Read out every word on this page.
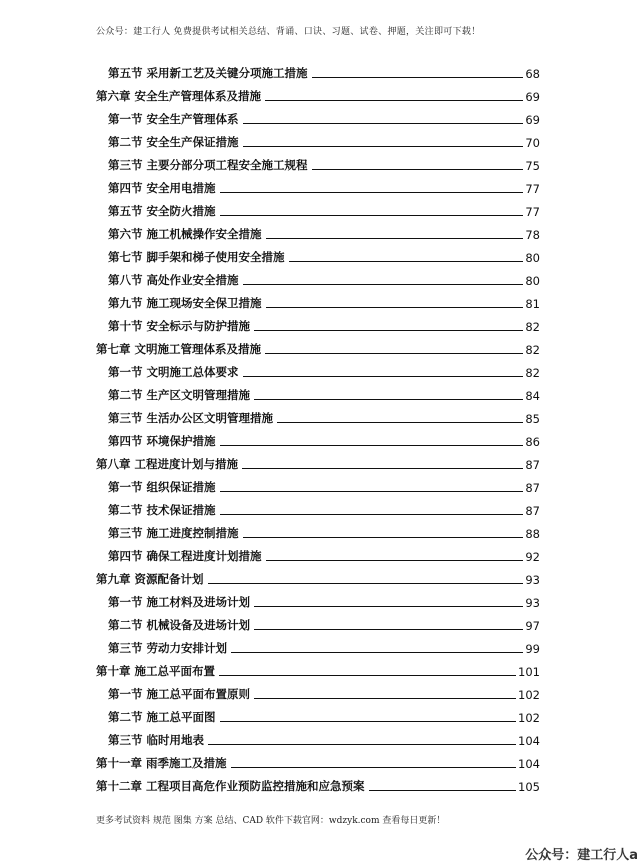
公众号：建工行人 免费提供考试相关总结、背诵、口诀、习题、试卷、押题，关注即可下载！
第五节 采用新工艺及关键分项施工措施	68
第六章 安全生产管理体系及措施	69
第一节 安全生产管理体系	69
第二节 安全生产保证措施	70
第三节 主要分部分项工程安全施工规程	75
第四节 安全用电措施	77
第五节 安全防火措施	77
第六节 施工机械操作安全措施	78
第七节 脚手架和梯子使用安全措施	80
第八节 高处作业安全措施	80
第九节 施工现场安全保卫措施	81
第十节 安全标示与防护措施	82
第七章 文明施工管理体系及措施	82
第一节 文明施工总体要求	82
第二节 生产区文明管理措施	84
第三节 生活办公区文明管理措施	85
第四节 环境保护措施	86
第八章 工程进度计划与措施	87
第一节 组织保证措施	87
第二节 技术保证措施	87
第三节 施工进度控制措施	88
第四节 确保工程进度计划措施	92
第九章 资源配备计划	93
第一节 施工材料及进场计划	93
第二节 机械设备及进场计划	97
第三节 劳动力安排计划	99
第十章 施工总平面布置	101
第一节 施工总平面布置原则	102
第二节 施工总平面图	102
第三节 临时用地表	104
第十一章 雨季施工及措施	104
第十二章 工程项目高危作业预防监控措施和应急预案	105
更多考试资料 规范 图集 方案 总结、CAD 软件下载官网：wdzyk.com 查看每日更新！
公众号：建工行人a
